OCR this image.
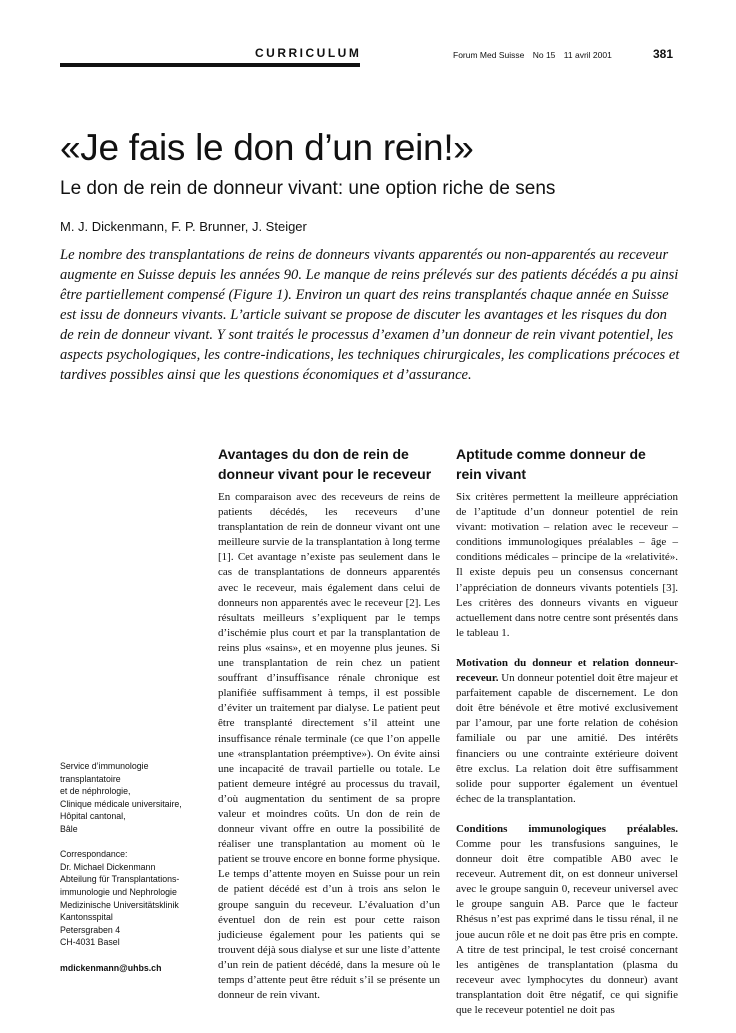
CURRICULUM	Forum Med Suisse No 15 11 avril 2001	381
«Je fais le don d’un rein!»
Le don de rein de donneur vivant: une option riche de sens
M. J. Dickenmann, F. P. Brunner, J. Steiger

Le nombre des transplantations de reins de donneurs vivants apparentés ou non-apparentés au receveur augmente en Suisse depuis les années 90. Le manque de reins prélevés sur des patients décédés a pu ainsi être partiellement compensé (Figure 1). Environ un quart des reins transplantés chaque année en Suisse est issu de donneurs vivants. L’article suivant se propose de discuter les avantages et les risques du don de rein de donneur vivant. Y sont traités le processus d’examen d’un donneur de rein vivant potentiel, les aspects psychologiques, les contre-indications, les techniques chirurgicales, les complications précoces et tardives possibles ainsi que les questions économiques et d’assurance.

Avantages du don de rein de donneur vivant pour le receveur
Aptitude comme donneur de rein vivant

En comparaison avec des receveurs de reins de patients décédés, les receveurs d’une transplantation de rein de donneur vivant ont une meilleure survie de la transplantation à long terme [1]. Cet avantage n’existe pas seulement dans le cas de transplantations de donneurs apparentés avec le receveur, mais également dans celui de donneurs non apparentés avec le receveur [2]. Les résultats meilleurs s’expliquent par le temps d’ischémie plus court et par la transplantation de reins plus «sains», et en moyenne plus jeunes. Si une transplantation de rein chez un patient souffrant d’insuffisance rénale chronique est planifiée suffisamment à temps, il est possible d’éviter un traitement par dialyse. Le patient peut être transplanté directement s’il atteint une insuffisance rénale terminale (ce que l’on appelle une «transplantation préemptive»). On évite ainsi une incapacité de travail partielle ou totale. Le patient demeure intégré au processus du travail, d’où augmentation du sentiment de sa propre valeur et moindres coûts. Un don de rein de donneur vivant offre en outre la possibilité de réaliser une transplantation au moment où le patient se trouve encore en bonne forme physique. Le temps d’attente moyen en Suisse pour un rein de patient décédé est d’un à trois ans selon le groupe sanguin du receveur. L’évaluation d’un éventuel don de rein est pour cette raison judicieuse également pour les patients qui se trouvent déjà sous dialyse et sur une liste d’attente d’un rein de patient décédé, dans la mesure où le temps d’attente peut être réduit s’il se présente un donneur de rein vivant.

Six critères permettent la meilleure appréciation de l’aptitude d’un donneur potentiel de rein vivant: motivation – relation avec le receveur – conditions immunologiques préalables – âge – conditions médicales – principe de la «relativité». Il existe depuis peu un consensus concernant l’appréciation de donneurs vivants potentiels [3]. Les critères des donneurs vivants en vigueur actuellement dans notre centre sont présentés dans le tableau 1.

Motivation du donneur et relation donneur-receveur. Un donneur potentiel doit être majeur et parfaitement capable de discernement. Le don doit être bénévole et être motivé exclusivement par l’amour, par une forte relation de cohésion familiale ou par une amitié. Des intérêts financiers ou une contrainte extérieure doivent être exclus. La relation doit être suffisamment solide pour supporter également un éventuel échec de la transplantation.

Conditions immunologiques préalables. Comme pour les transfusions sanguines, le donneur doit être compatible AB0 avec le receveur. Autrement dit, on est donneur universel avec le groupe sanguin 0, receveur universel avec le groupe sanguin AB. Parce que le facteur Rhésus n’est pas exprimé dans le tissu rénal, il ne joue aucun rôle et ne doit pas être pris en compte. A titre de test principal, le test croisé concernant les antigènes de transplantation (plasma du receveur avec lymphocytes du donneur) avant transplantation doit être négatif, ce qui signifie que le receveur potentiel ne doit pas

Service d’immunologie
transplantatoire
et de néphrologie,
Clinique médicale universitaire,
Hôpital cantonal,
Bâle
Correspondance:
Dr. Michael Dickenmann
Abteilung für Transplantations-
immunologie und Nephrologie
Medizinische Universitätsklinik
Kantonsspital
Petersgraben 4
CH-4031 Basel
mdickenmann@uhbs.ch
